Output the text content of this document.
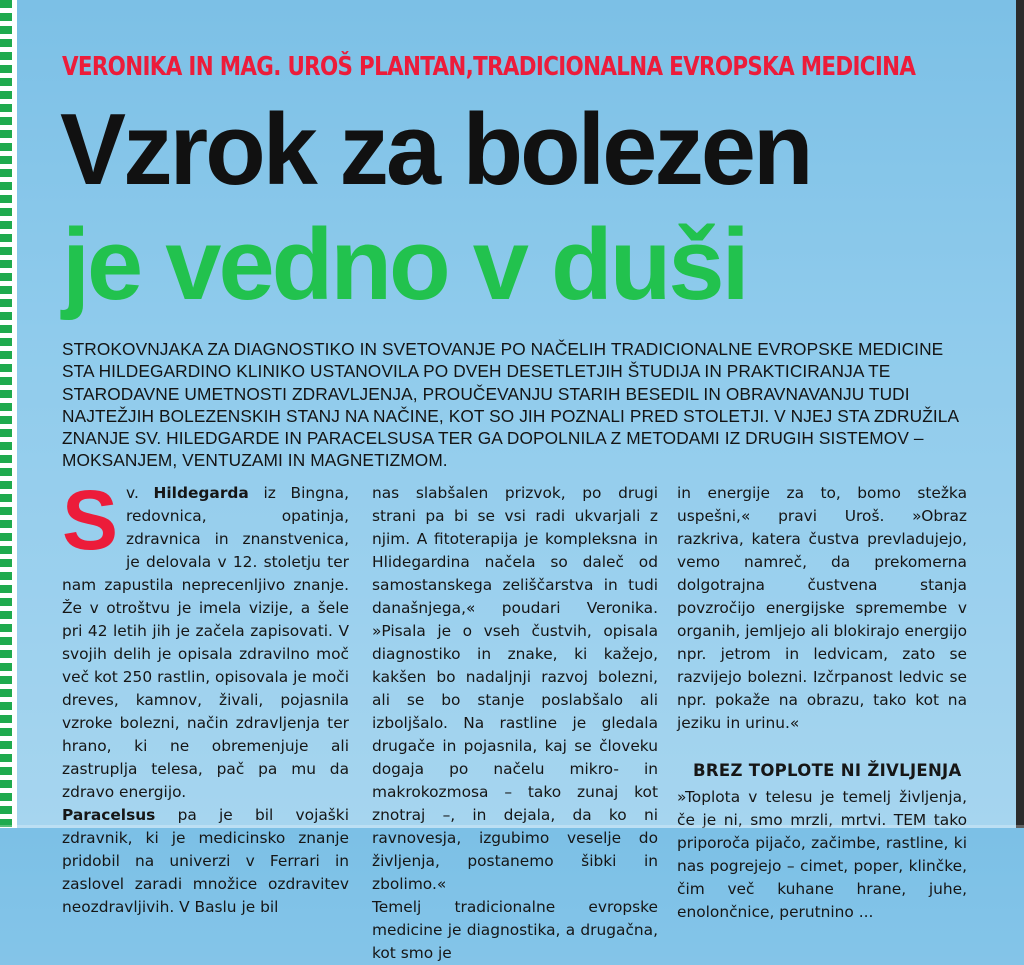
VERONIKA IN MAG. UROŠ PLANTAN,TRADICIONALNA EVROPSKA MEDICINA
Vzrok za bolezen
je vedno v duši
STROKOVNJAKA ZA DIAGNOSTIKO IN SVETOVANJE PO NAČELIH TRADICIONALNE EVROPSKE MEDICINE STA HILDEGARDINO KLINIKO USTANOVILA PO DVEH DESETLETJIH ŠTUDIJA IN PRAKTICIRANJA TE STARODAVNE UMETNOSTI ZDRAVLJENJA, PROUČEVANJU STARIH BESEDIL IN OBRAVNAVANJU TUDI NAJTEŽJIH BOLEZENSKIH STANJ NA NAČINE, KOT SO JIH POZNALI PRED STOLETJI. V NJEJ STA ZDRUŽILA ZNANJE SV. HILEDGARDE IN PARACELSUSA TER GA DOPOLNILA Z METODAMI IZ DRUGIH SISTEMOV – MOKSANJEM, VENTUZAMI IN MAGNETIZMOM.

Sv. Hildegarda iz Bingna, redovnica, opatinja, zdravnica in znanstvenica, je delovala v 12. stoletju ter nam zapustila neprecenljivo znanje. Že v otroštvu je imela vizije, a šele pri 42 letih jih je začela zapisovati. V svojih delih je opisala zdravilno moč več kot 250 rastlin, opisovala je moči dreves, kamnov, živali, pojasnila vzroke bolezni, način zdravljenja ter hrano, ki ne obremenjuje ali zastruplja telesa, pač pa mu da zdravo energijo.

Paracelsus pa je bil vojaški zdravnik, ki je medicinsko znanje pridobil na univerzi v Ferrari in zaslovel zaradi množice ozdravitev neozdravljivih. V Baslu je bil

nas slabšalen prizvok, po drugi strani pa bi se vsi radi ukvarjali z njim. A fitoterapija je kompleksna in Hlidegardina načela so daleč od samostanskega zeliščarstva in tudi današnjega,« poudari Veronika. »Pisala je o vseh čustvih, opisala diagnostiko in znake, ki kažejo, kakšen bo nadaljnji razvoj bolezni, ali se bo stanje poslabšalo ali izboljšalo. Na rastline je gledala drugače in pojasnila, kaj se človeku dogaja po načelu mikro- in makrokozmosa – tako zunaj kot znotraj –, in dejala, da ko ni ravnovesja, izgubimo veselje do življenja, postanemo šibki in zbolimo.«

Temelj tradicionalne evropske medicine je diagnostika, a drugačna, kot smo je

in energije za to, bomo stežka uspešni,« pravi Uroš. »Obraz razkriva, katera čustva prevladujejo, vemo namreč, da prekomerna dolgotrajna čustvena stanja povzročijo energijske spremembe v organih, jemljejo ali blokirajo energijo npr. jetrom in ledvicam, zato se razvijejo bolezni. Izčrpanost ledvic se npr. pokaže na obrazu, tako kot na jeziku in urinu.«

BREZ TOPLOTE NI ŽIVLJENJA

»Toplota v telesu je temelj življenja, če je ni, smo mrzli, mrtvi. TEM tako priporoča pijačo, začimbe, rastline, ki nas pogrejejo – cimet, poper, klinčke, čim več kuhane hrane, juhe, enolončnice, perutnino ...
